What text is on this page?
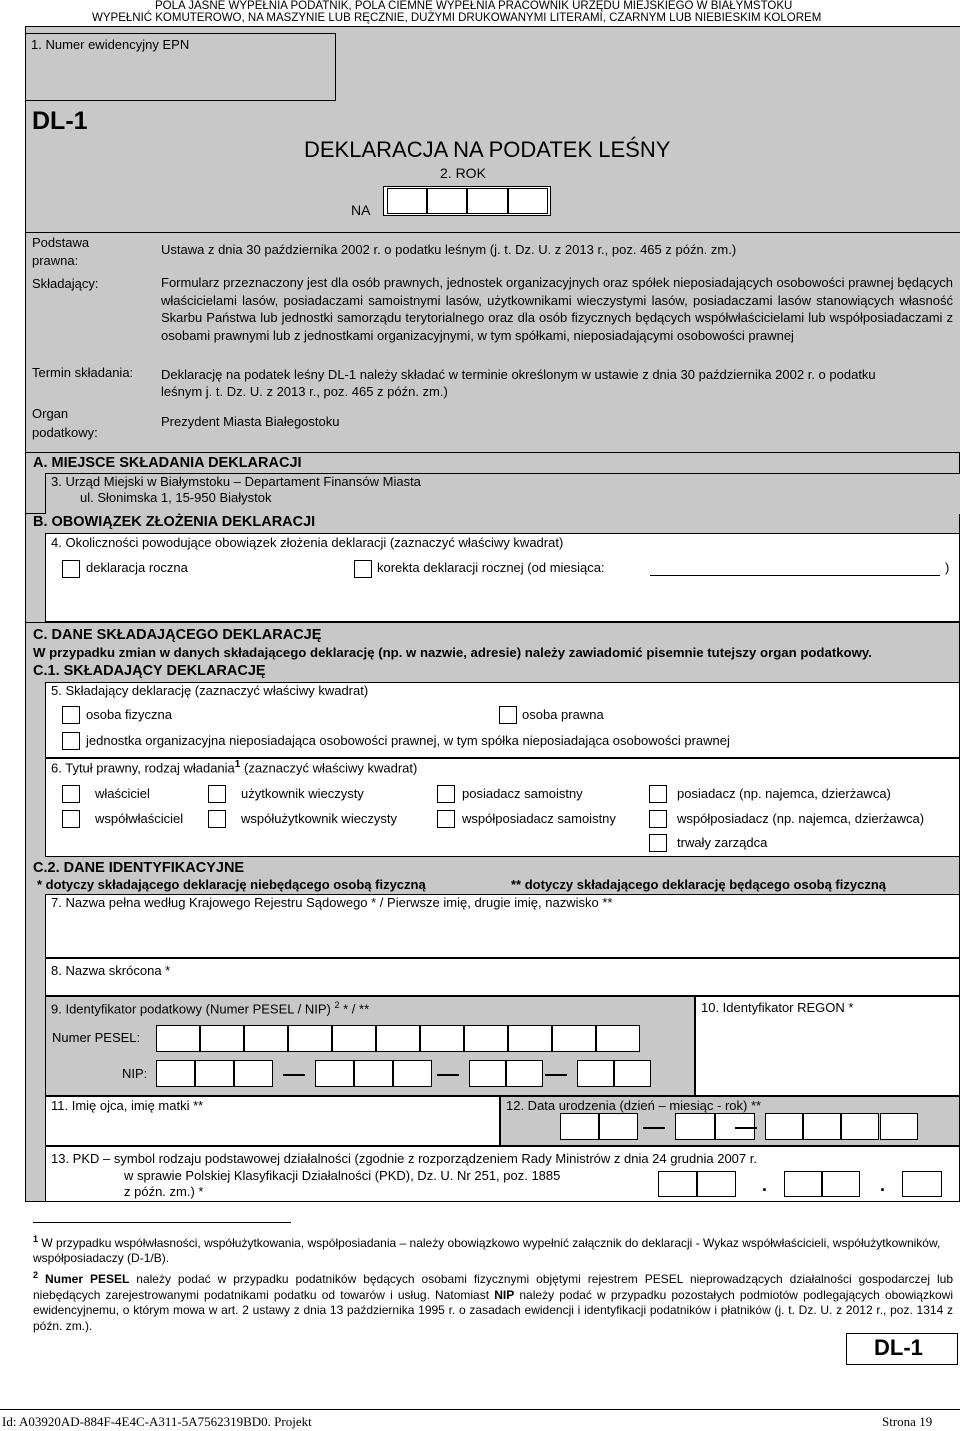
POLA JASNE WYPEŁNIA PODATNIK, POLA CIEMNE WYPEŁNIA PRACOWNIK URZĘDU MIEJSKIEGO W BIAŁYMSTOKU
WYPEŁNIĆ KOMUTEROWO, NA MASZYNIE LUB RĘCZNIE, DUŻYMI DRUKOWANYMI LITERAMI, CZARNYM LUB NIEBIESKIM KOLOREM
1. Numer ewidencyjny EPN
DL-1
DEKLARACJA NA PODATEK LEŚNY
2. ROK
NA
Podstawa prawna:
Ustawa z dnia 30 października 2002 r. o podatku leśnym (j. t. Dz. U. z 2013 r., poz. 465 z późn. zm.)
Składający:	Formularz przeznaczony jest dla osób prawnych, jednostek organizacyjnych oraz spółek nieposiadających osobowości prawnej będących właścicielami lasów, posiadaczami samoistnymi lasów, użytkownikami wieczystymi lasów, posiadaczami lasów stanowiących własność Skarbu Państwa lub jednostki samorządu terytorialnego oraz dla osób fizycznych będących współwłaścicielami lub współposiadaczami z osobami prawnymi lub z jednostkami organizacyjnymi, w tym spółkami, nieposiadającymi osobowości prawnej
Termin składania: Deklarację na podatek leśny DL-1 należy składać w terminie określonym w ustawie z dnia 30 października 2002 r. o podatku leśnym j. t. Dz. U. z 2013 r., poz. 465 z późn. zm.)
Organ podatkowy:
Prezydent Miasta Białegostoku
A. MIEJSCE SKŁADANIA DEKLARACJI
3. Urząd Miejski w Białymstoku – Departament Finansów Miasta
ul. Słonimska 1, 15-950 Białystok
B. OBOWIĄZEK ZŁOŻENIA DEKLARACJI
4. Okoliczności powodujące obowiązek złożenia deklaracji (zaznaczyć właściwy kwadrat)
deklaracja roczna	korekta deklaracji rocznej (od miesiąca:	)
C. DANE SKŁADAJĄCEGO DEKLARACJĘ
W przypadku zmian w danych składającego deklarację (np. w nazwie, adresie) należy zawiadomić pisemnie tutejszy organ podatkowy.
C.1. SKŁADAJĄCY DEKLARACJĘ
5. Składający deklarację (zaznaczyć właściwy kwadrat)
osoba fizyczna	osoba prawna
jednostka organizacyjna nieposiadająca osobowości prawnej, w tym spółka nieposiadająca osobowości prawnej
6. Tytuł prawny, rodzaj władania$^1$ (zaznaczyć właściwy kwadrat)
właściciel	użytkownik wieczysty	posiadacz samoistny	posiadacz (np. najemca, dzierżawca)
współwłaściciel	współużytkownik wieczysty	współposiadacz samoistny	współposiadacz (np. najemca, dzierżawca)
trwały zarządca
C.2. DANE IDENTYFIKACYJNE
* dotyczy składającego deklarację niebędącego osobą fizyczną	** dotyczy składającego deklarację będącego osobą fizyczną
7. Nazwa pełna według Krajowego Rejestru Sądowego * / Pierwsze imię, drugie imię, nazwisko **
8. Nazwa skrócona *
9. Identyfikator podatkowy (Numer PESEL / NIP) $^2$ * / **	10. Identyfikator REGON *
Numer PESEL:
NIP:
11. Imię ojca, imię matki **	12. Data urodzenia (dzień – miesiąc - rok) **
13. PKD – symbol rodzaju podstawowej działalności (zgodnie z rozporządzeniem Rady Ministrów z dnia 24 grudnia 2007 r.
w sprawie Polskiej Klasyfikacji Działalności (PKD), Dz. U. Nr 251, poz. 1885
z późn. zm.) *	.	.
$^1$ W przypadku współwłasności, współużytkowania, współposiadania – należy obowiązkowo wypełnić załącznik do deklaracji - Wykaz współwłaścicieli, współużytkowników, współposiadaczy (D-1/B).
$^2$ Numer PESEL należy podać w przypadku podatników będących osobami fizycznymi objętymi rejestrem PESEL nieprowadzących działalności gospodarczej lub niebędących zarejestrowanymi podatnikami podatku od towarów i usług. Natomiast NIP należy podać w przypadku pozostałych podmiotów podlegających obowiązkowi ewidencyjnemu, o którym mowa w art. 2 ustawy z dnia 13 października 1995 r. o zasadach ewidencji i identyfikacji podatników i płatników (j. t. Dz. U. z 2012 r., poz. 1314 z późn. zm.).
DL-1
Id: A03920AD-884F-4E4C-A311-5A7562319BD0. Projekt	Strona 19
